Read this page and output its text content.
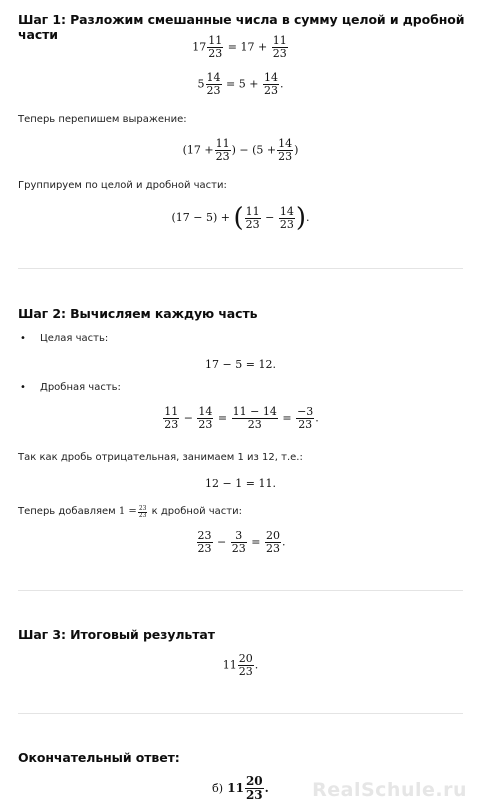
Шаг 1: Разложим смешанные числа в сумму целой и дробной части
$17 \frac{11}{23} = 17 + \frac{11}{23}$
$5 \frac{14}{23} = 5 + \frac{14}{23}$ .
Теперь перепишем выражение:
($17 + \frac{11}{23}$ ) − ($5 + \frac{14}{23}$ )
Группируем по целой и дробной части:
(17 − 5) + ( $\frac{11}{23} - \frac{14}{23}$ ).
Шаг 2: Вычисляем каждую часть
• Целая часть:
17 − 5 = 12.
• Дробная часть:
$\frac{11}{23} - \frac{14}{23} = \frac{11 - 14}{23} = \frac{-3}{23}$ .
Так как дробь отрицательная, занимаем 1 из 12, т.е.:
12 − 1 = 11.
Теперь добавляем $1 = \frac{23}{23}$ к дробной части:
$\frac{23}{23} - \frac{3}{23} = \frac{20}{23}$ .
Шаг 3: Итоговый результат
$11 \frac{20}{23}$ .
Окончательный ответ:
б) $11 \frac{20}{23}$ .	RealSchule.ru
